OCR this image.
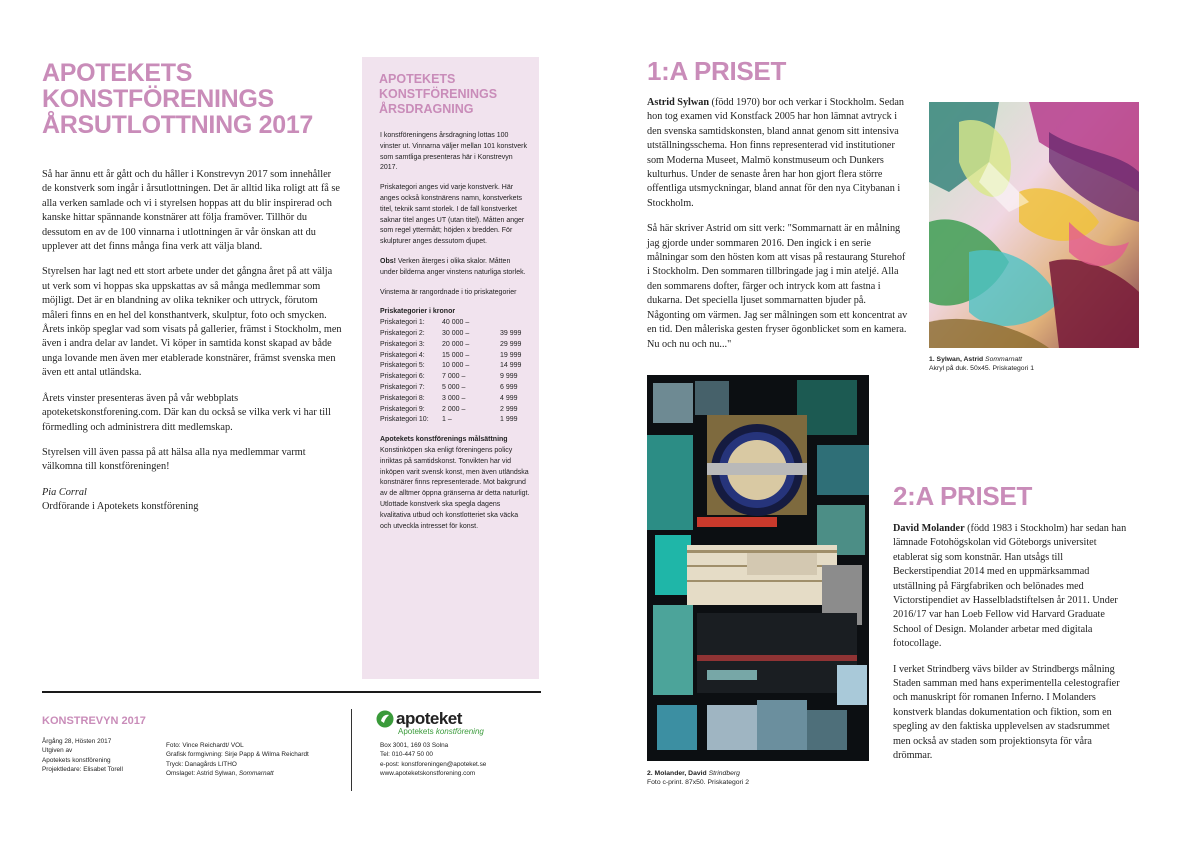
APOTEKETS
KONSTFÖRENINGS
ÅRSUTLOTTNING 2017

Så har ännu ett år gått och du håller i Konstrevyn 2017 som innehåller de konstverk som ingår i årsutlottningen. Det är alltid lika roligt att få se alla verken samlade och vi i styrelsen hoppas att du blir inspirerad och kanske hittar spännande konstnärer att följa framöver. Tillhör du dessutom en av de 100 vinnarna i utlottningen är vår önskan att du upplever att det finns många fina verk att välja bland.

Styrelsen har lagt ned ett stort arbete under det gångna året på att välja ut verk som vi hoppas ska uppskattas av så många medlemmar som möjligt. Det är en blandning av olika tekniker och uttryck, förutom måleri finns en en hel del konsthantverk, skulptur, foto och smycken. Årets inköp speglar vad som visats på gallerier, främst i Stockholm, men även i andra delar av landet. Vi köper in samtida konst skapad av både unga lovande men även mer etablerade konstnärer, främst svenska men även ett antal utländska.

Årets vinster presenteras även på vår webbplats apoteketskonstforening.com. Där kan du också se vilka verk vi har till förmedling och administrera ditt medlemskap.

Styrelsen vill även passa på att hälsa alla nya medlemmar varmt välkomna till konstföreningen!

Pia Corral
Ordförande i Apotekets konstförening
APOTEKETS
KONSTFÖRENINGS
ÅRSDRAGNING

I konstföreningens årsdragning lottas 100 vinster ut. Vinnarna väljer mellan 101 konstverk som samtliga presenteras här i Konstrevyn 2017.

Priskategori anges vid varje konstverk. Här anges också konstnärens namn, konstverkets titel, teknik samt storlek. I de fall konstverket saknar titel anges UT (utan titel). Måtten anger som regel yttermått; höjden x bredden. För skulpturer anges dessutom djupet.

Obs! Verken återges i olika skalor. Måtten under bilderna anger vinstens naturliga storlek.

Vinsterna är rangordnade i tio priskategorier

Priskategorier i kronor
Priskategori 1:	40 000 –
Priskategori 2:	30 000 –	39 999
Priskategori 3:	20 000 –	29 999
Priskategori 4:	15 000 –	19 999
Priskategori 5:	10 000 –	14 999
Priskategori 6:	7 000 –	9 999
Priskategori 7:	5 000 –	6 999
Priskategori 8:	3 000 –	4 999
Priskategori 9:	2 000 –	2 999
Priskategori 10:	1 –	1 999
Apotekets konstförenings målsättning
Konstinköpen ska enligt föreningens policy inriktas på samtidskonst. Tonvikten har vid inköpen varit svensk konst, men även utländska konstnärer finns representerade. Mot bakgrund av de alltmer öppna gränserna är detta naturligt. Utlottade konstverk ska spegla dagens kvalitativa utbud och konstlotteriet ska väcka och utveckla intresset för konst.
KONSTREVYN 2017
Årgång 28, Hösten 2017
Utgiven av
Apotekets konstförening
Projektledare: Elisabet Torell
Foto: Vince Reichardt/ VOL
Grafisk formgivning: Sirje Papp & Wilma Reichardt
Tryck: Danagårds LITHO
Omslaget: Astrid Sylwan, Sommarnatt
apoteket
Apotekets konstförening
Box 3001, 169 03 Solna
Tel: 010-447 50 00
e-post: konstforeningen@apoteket.se
www.apoteketskonstforening.com
1:A PRISET

Astrid Sylwan (född 1970) bor och verkar i Stockholm. Sedan hon tog examen vid Konstfack 2005 har hon lämnat avtryck i den svenska samtidskonsten, bland annat genom sitt intensiva utställningsschema. Hon finns representerad vid institutioner som Moderna Museet, Malmö konstmuseum och Dunkers kulturhus. Under de senaste åren har hon gjort flera större offentliga utsmyckningar, bland annat för den nya Citybanan i Stockholm.

Så här skriver Astrid om sitt verk: "Sommarnatt är en målning jag gjorde under sommaren 2016. Den ingick i en serie målningar som den hösten kom att visas på restaurang Sturehof i Stockholm. Den sommaren tillbringade jag i min ateljé. Alla den sommarens dofter, färger och intryck kom att fastna i dukarna. Det speciella ljuset sommarnatten bjuder på. Någonting om värmen. Jag ser målningen som ett koncentrat av en tid. Den måleriska gesten fryser ögonblicket som en kamera. Nu och nu och nu..."

1. Sylwan, Astrid Sommarnatt
Akryl på duk. 50x45. Priskategori 1
2. Molander, David Strindberg
Foto c-print. 87x50. Priskategori 2
2:A PRISET

David Molander (född 1983 i Stockholm) har sedan han lämnade Fotohögskolan vid Göteborgs universitet etablerat sig som konstnär. Han utsågs till Beckerstipendiat 2014 med en uppmärksammad utställning på Färgfabriken och belönades med Victorstipendiet av Hasselbladstiftelsen år 2011. Under 2016/17 var han Loeb Fellow vid Harvard Graduate School of Design. Molander arbetar med digitala fotocollage.

I verket Strindberg vävs bilder av Strindbergs målning Staden samman med hans experimentella celestografier och manuskript för romanen Inferno. I Molanders konstverk blandas dokumentation och fiktion, som en spegling av den faktiska upplevelsen av stadsrummet men också av staden som projektionsyta för våra drömmar.
